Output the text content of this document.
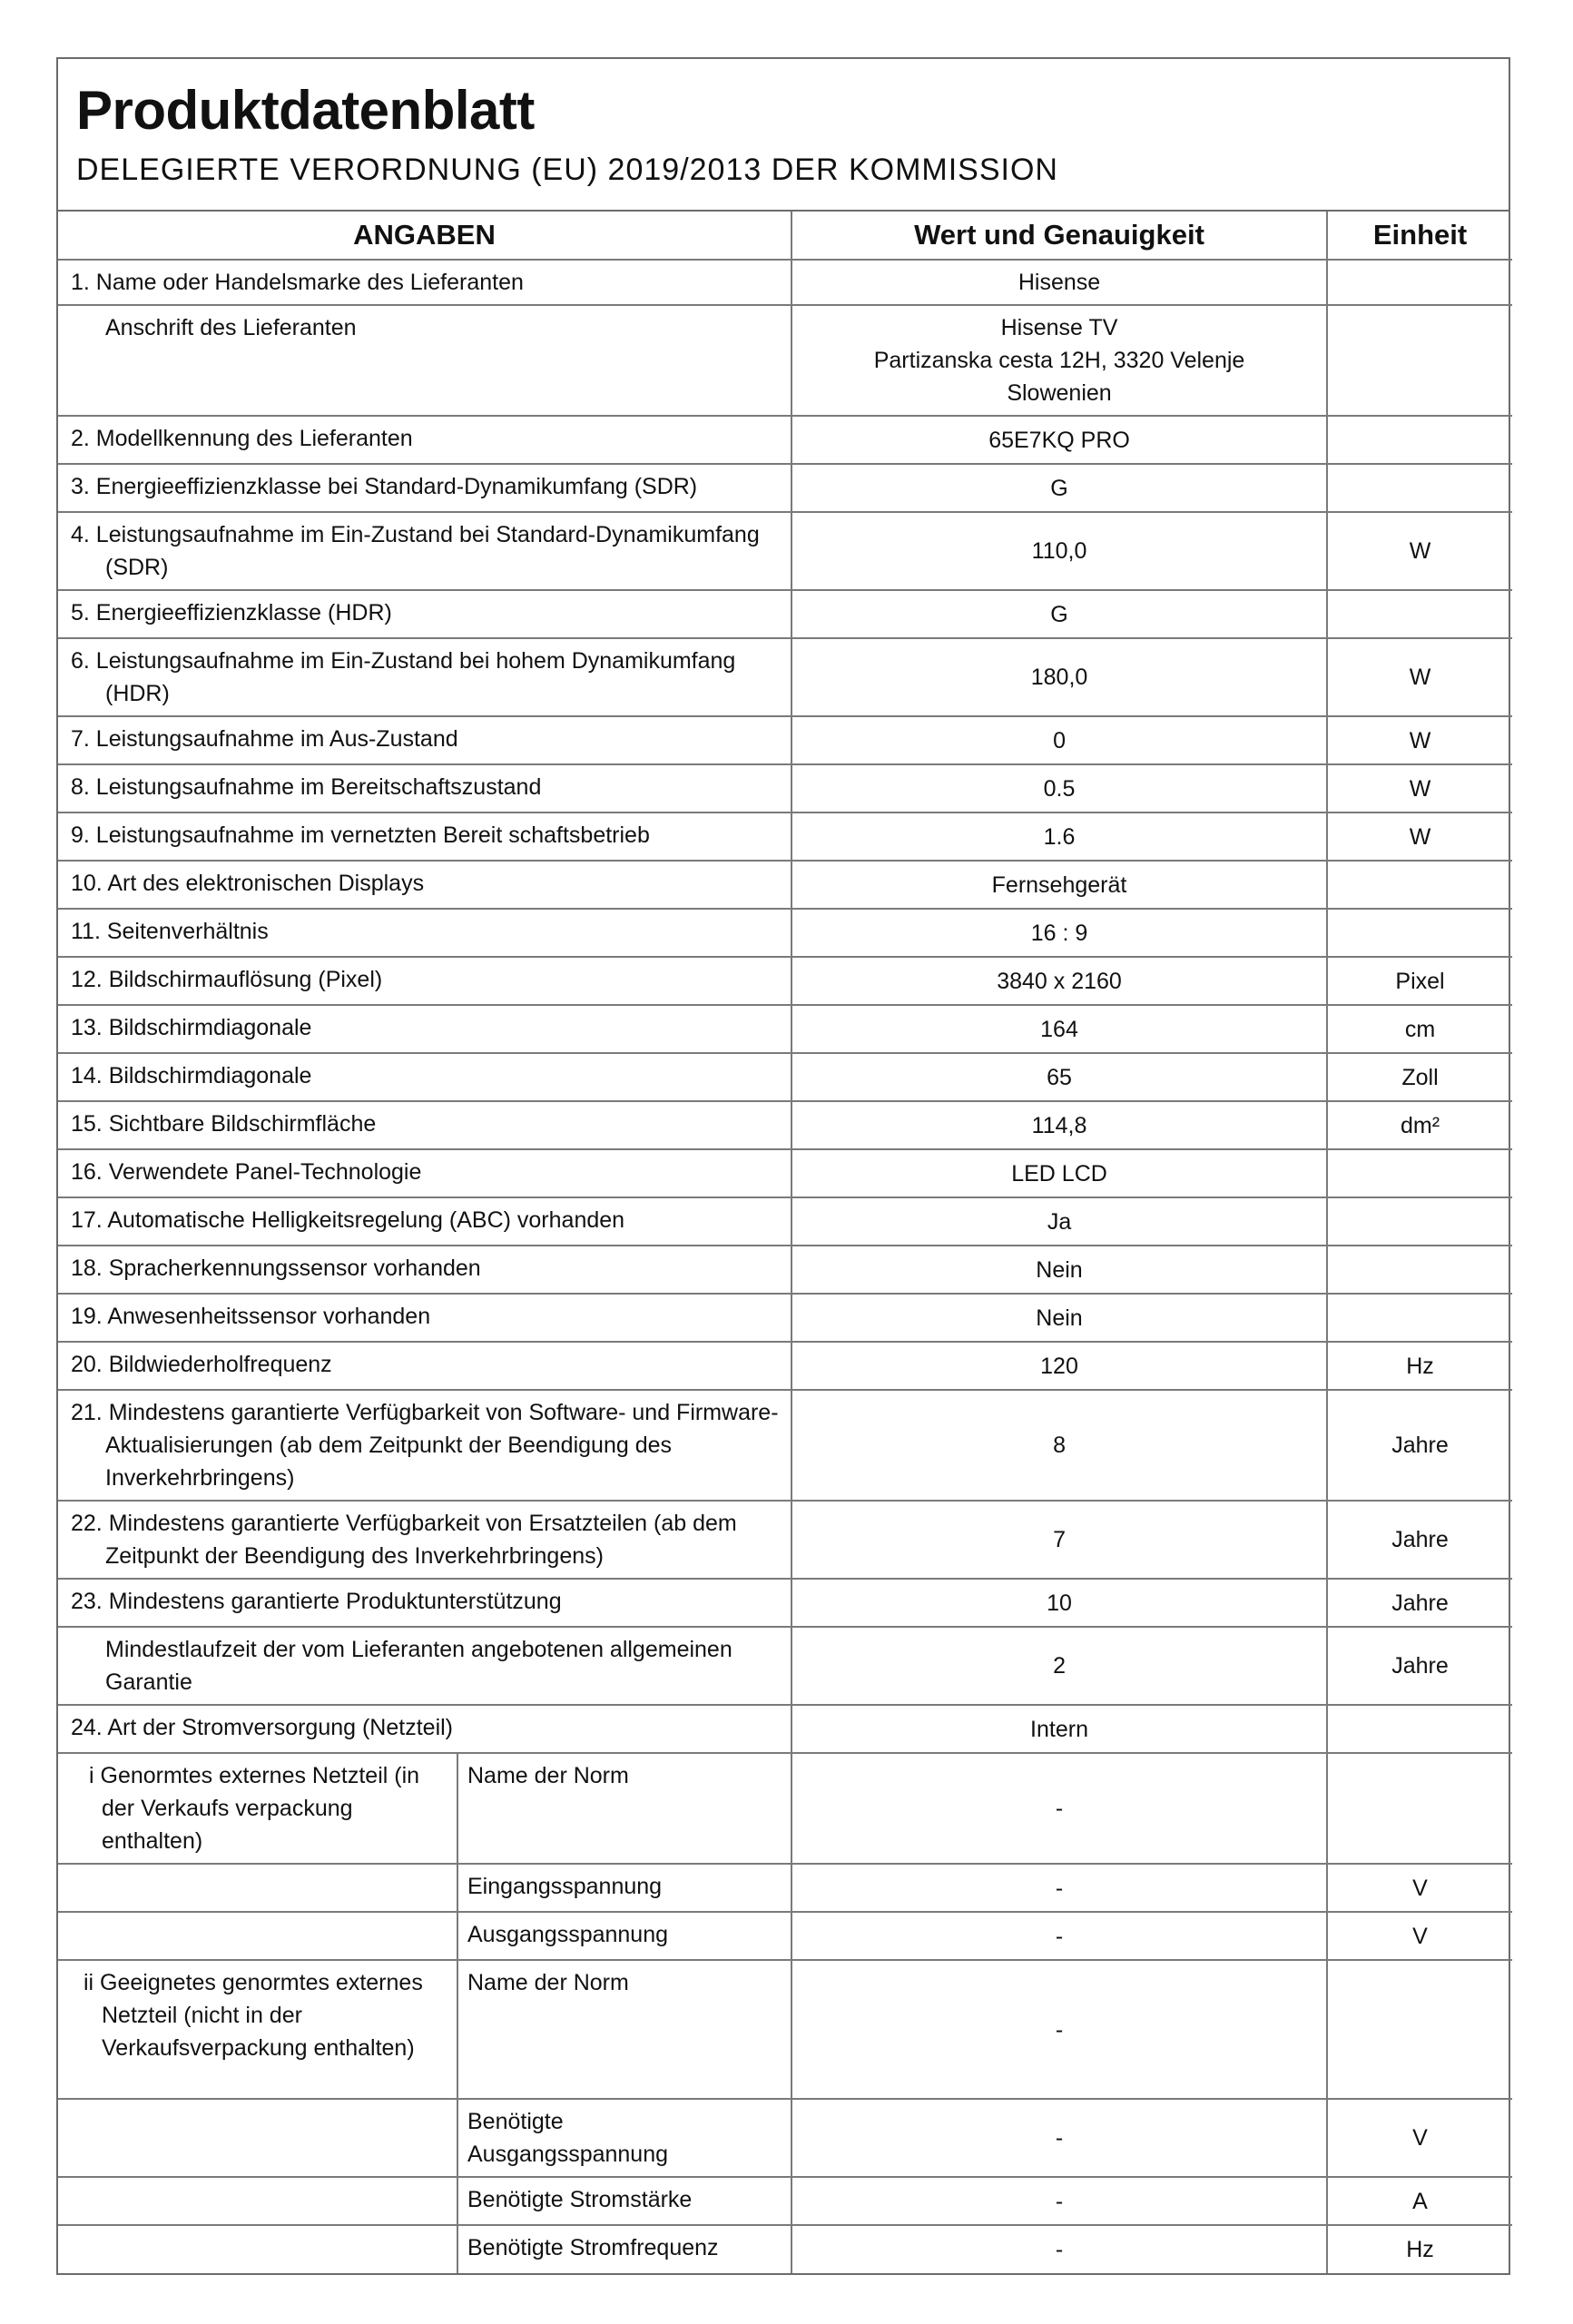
Produktdatenblatt
DELEGIERTE VERORDNUNG (EU) 2019/2013 DER KOMMISSION
ANGABEN		Wert und Genauigkeit	Einheit
1. Name oder Handelsmarke des Lieferanten		Hisense	
Anschrift des Lieferanten		Hisense TV
Partizanska cesta 12H, 3320 Velenje
Slowenien	

2. Modellkennung des Lieferanten		65E7KQ PRO	
3. Energieeffizienzklasse bei Standard-Dynamikumfang (SDR)		G	
4. Leistungsaufnahme im Ein-Zustand bei Standard-Dynamikumfang (SDR)		110,0	W
5. Energieeffizienzklasse (HDR)		G	
6. Leistungsaufnahme im Ein-Zustand bei hohem Dynamikumfang (HDR)		180,0	W
7. Leistungsaufnahme im Aus-Zustand		0	W
8. Leistungsaufnahme im Bereitschaftszustand		0.5	W
9. Leistungsaufnahme im vernetzten Bereit schaftsbetrieb		1.6	W
10. Art des elektronischen Displays		Fernsehgerät	
11. Seitenverhältnis		16 : 9	
12. Bildschirmauflösung (Pixel)		3840 x 2160	Pixel
13. Bildschirmdiagonale		164	cm
14. Bildschirmdiagonale		65	Zoll
15. Sichtbare Bildschirmfläche		114,8	dm²
16. Verwendete Panel-Technologie		LED LCD	
17. Automatische Helligkeitsregelung (ABC) vorhanden		Ja	
18. Spracherkennungssensor vorhanden		Nein	
19. Anwesenheitssensor vorhanden		Nein	
20. Bildwiederholfrequenz		120	Hz
21. Mindestens garantierte Verfügbarkeit von Software- und Firmware-Aktualisierungen (ab dem Zeitpunkt der Beendigung des Inverkehrbringens)		8	Jahre
22. Mindestens garantierte Verfügbarkeit von Ersatzteilen (ab dem Zeitpunkt der Beendigung des Inverkehrbringens)		7	Jahre
23. Mindestens garantierte Produktunterstützung		10	Jahre
Mindestlaufzeit der vom Lieferanten angebotenen allgemeinen Garantie		2	Jahre
24. Art der Stromversorgung (Netzteil)		Intern	
i Genormtes externes Netzteil (in der Verkaufs verpackung enthalten)	Name der Norm	-	
	Eingangsspannung	-	V
	Ausgangsspannung	-	V
ii Geeignetes genormtes externes Netzteil (nicht in der Verkaufsverpackung enthalten)	Name der Norm	-	

	Benötigte Ausgangsspannung	-	V
	Benötigte Stromstärke	-	A
	Benötigte Stromfrequenz	-	Hz
